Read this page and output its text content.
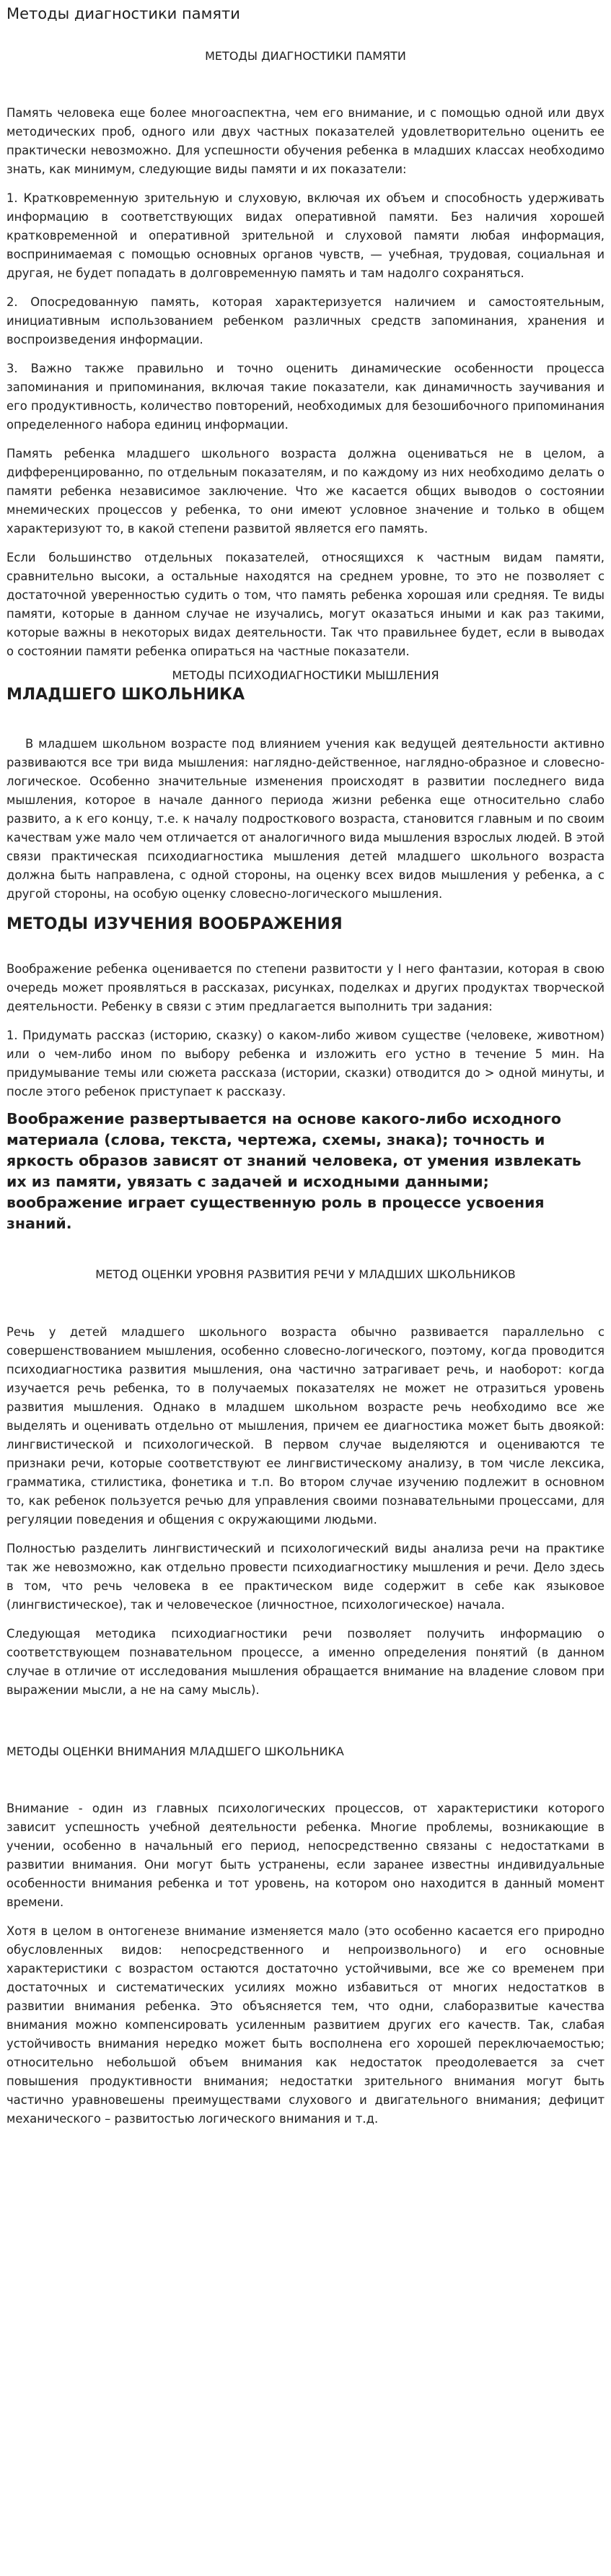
Методы диагностики памяти
МЕТОДЫ ДИАГНОСТИКИ ПАМЯТИ

Память человека еще более многоаспектна, чем его внимание, и с помощью одной или двух методических проб, одного или двух частных показателей удовлетворительно оценить ее практически невозможно. Для успешности обучения ребенка в младших классах необходимо знать, как минимум, следующие виды памяти и их показатели:

1. Кратковременную зрительную и слуховую, включая их объем и способность удерживать информацию в соответствующих видах оперативной памяти. Без наличия хорошей кратковременной и оперативной зрительной и слуховой памяти любая информация, воспринимаемая с помощью основных органов чувств, — учебная, трудовая, социальная и другая, не будет попадать в долговременную память и там надолго сохраняться.

2. Опосредованную память, которая характеризуется наличием и самостоятельным, инициативным использованием ребенком различных средств запоминания, хранения и воспроизведения информации.

3. Важно также правильно и точно оценить динамические особенности процесса запоминания и припоминания, включая такие показатели, как динамичность заучивания и его продуктивность, количество повторений, необходимых для безошибочного припоминания определенного набора единиц информации.

Память ребенка младшего школьного возраста должна оцениваться не в целом, а дифференцированно, по отдельным показателям, и по каждому из них необходимо делать о памяти ребенка независимое заключение. Что же касается общих выводов о состоянии мнемических процессов у ребенка, то они имеют условное значение и только в общем характеризуют то, в какой степени развитой является его память.

Если большинство отдельных показателей, относящихся к частным видам памяти, сравнительно высоки, а остальные находятся на среднем уровне, то это не позволяет с достаточной уверенностью судить о том, что память ребенка хорошая или средняя. Те виды памяти, которые в данном случае не изучались, могут оказаться иными и как раз такими, которые важны в некоторых видах деятельности. Так что правильнее будет, если в выводах о состоянии памяти ребенка опираться на частные показатели.

МЕТОДЫ ПСИХОДИАГНОСТИКИ МЫШЛЕНИЯ
МЛАДШЕГО ШКОЛЬНИКА

В младшем школьном возрасте под влиянием учения как ведущей деятельности активно развиваются все три вида мышления: наглядно-действенное, наглядно-образное и словесно-логическое. Особенно значительные изменения происходят в развитии последнего вида мышления, которое в начале данного периода жизни ребенка еще относительно слабо развито, а к его концу, т.е. к началу подросткового возраста, становится главным и по своим качествам уже мало чем отличается от аналогичного вида мышления взрослых людей. В этой связи практическая психодиагностика мышления детей младшего школьного возраста должна быть направлена, с одной стороны, на оценку всех видов мышления у ребенка, а с другой стороны, на особую оценку словесно-логического мышления.

МЕТОДЫ ИЗУЧЕНИЯ ВООБРАЖЕНИЯ

Воображение ребенка оценивается по степени развитости у I него фантазии, которая в свою очередь может проявляться в рассказах, рисунках, поделках и других продуктах творческой деятельности. Ребенку в связи с этим предлагается выполнить три задания:

1. Придумать рассказ (историю, сказку) о каком-либо живом существе (человеке, животном) или о чем-либо ином по выбору ребенка и изложить его устно в течение 5 мин. На придумывание темы или сюжета рассказа (истории, сказки) отводится до > одной минуты, и после этого ребенок приступает к рассказу.

Воображение развертывается на основе какого-либо исходного материала (слова, текста, чертежа, схемы, знака); точность и яркость образов зависят от знаний человека, от умения извлекать их из памяти, увязать с задачей и исходными данными; воображение играет существенную роль в процессе усвоения знаний.

МЕТОД ОЦЕНКИ УРОВНЯ РАЗВИТИЯ РЕЧИ У МЛАДШИХ ШКОЛЬНИКОВ

Речь у детей младшего школьного возраста обычно развивается параллельно с совершенствованием мышления, особенно словесно-логического, поэтому, когда проводится психодиагностика развития мышления, она частично затрагивает речь, и наоборот: когда изучается речь ребенка, то в получаемых показателях не может не отразиться уровень развития мышления. Однако в младшем школьном возрасте речь необходимо все же выделять и оценивать отдельно от мышления, причем ее диагностика может быть двоякой: лингвистической и психологической. В первом случае выделяются и оцениваются те признаки речи, которые соответствуют ее лингвистическому анализу, в том числе лексика, грамматика, стилистика, фонетика и т.п. Во втором случае изучению подлежит в основном то, как ребенок пользуется речью для управления своими познавательными процессами, для регуляции поведения и общения с окружающими людьми.

Полностью разделить лингвистический и психологический виды анализа речи на практике так же невозможно, как отдельно провести психодиагностику мышления и речи. Дело здесь в том, что речь человека в ее практическом виде содержит в себе как языковое (лингвистическое), так и человеческое (личностное, психологическое) начала.

Следующая методика психодиагностики речи позволяет получить информацию о соответствующем познавательном процессе, а именно определения понятий (в данном случае в отличие от исследования мышления обращается внимание на владение словом при выражении мысли, а не на саму мысль).

МЕТОДЫ ОЦЕНКИ ВНИМАНИЯ МЛАДШЕГО ШКОЛЬНИКА

Внимание - один из главных психологических процессов, от характеристики которого зависит успешность учебной деятельности ребенка. Многие проблемы, возникающие в учении, особенно в начальный его период, непосредственно связаны с недостатками в развитии внимания. Они могут быть устранены, если заранее известны индивидуальные особенности внимания ребенка и тот уровень, на котором оно находится в данный момент времени.

Хотя в целом в онтогенезе внимание изменяется мало (это особенно касается его природно обусловленных видов: непосредственного и непроизвольного) и его основные характеристики с возрастом остаются достаточно устойчивыми, все же со временем при достаточных и систематических усилиях можно избавиться от многих недостатков в развитии внимания ребенка. Это объясняется тем, что одни, слаборазвитые качества внимания можно компенсировать усиленным развитием других его качеств. Так, слабая устойчивость внимания нередко может быть восполнена его хорошей переключаемостью; относительно небольшой объем внимания как недостаток преодолевается за счет повышения продуктивности внимания; недостатки зрительного внимания могут быть частично уравновешены преимуществами слухового и двигательного внимания; дефицит механического – развитостью логического внимания и т.д.
